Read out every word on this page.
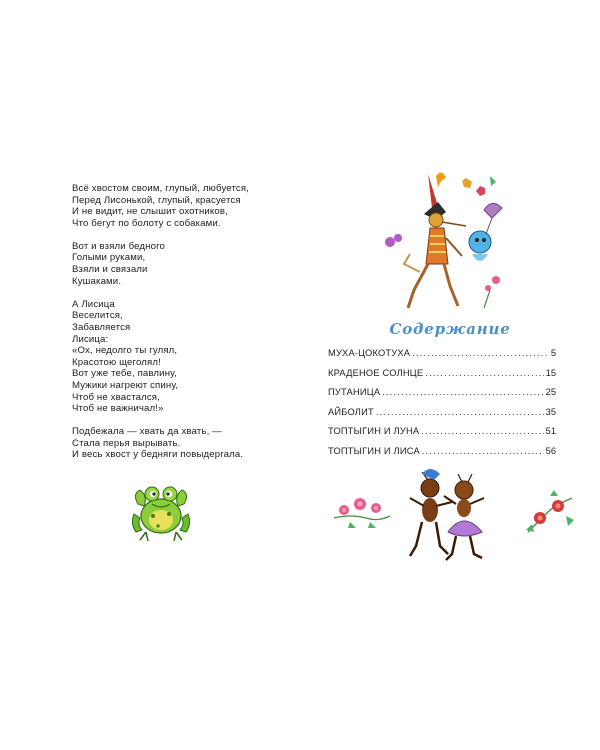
Всё хвостом своим, глупый, любуется,
Перед Лисонькой, глупый, красуется
И не видит, не слышит охотников,
Что бегут по болоту с собаками.
Вот и взяли бедного
Голыми руками,
Взяли и связали
Кушаками.
А Лисица
Веселится,
Забавляется
Лисица:
«Ох, недолго ты гулял,
Красотою щеголял!
Вот уже тебе, павлину,
Мужики нагреют спину,
Чтоб не хвастался,
Чтоб не важничал!»
Подбежала — хвать да хвать, —
Стала перья вырывать.
И весь хвост у бедняги повыдергала.
Содержание
МУХА-ЦОКОТУХА .....	5
КРАДЕНОЕ СОЛНЦЕ .....	15
ПУТАНИЦА .....	25
АЙБОЛИТ .....	35
ТОПТЫГИН И ЛУНА .....	51
ТОПТЫГИН И ЛИСА .....	56
